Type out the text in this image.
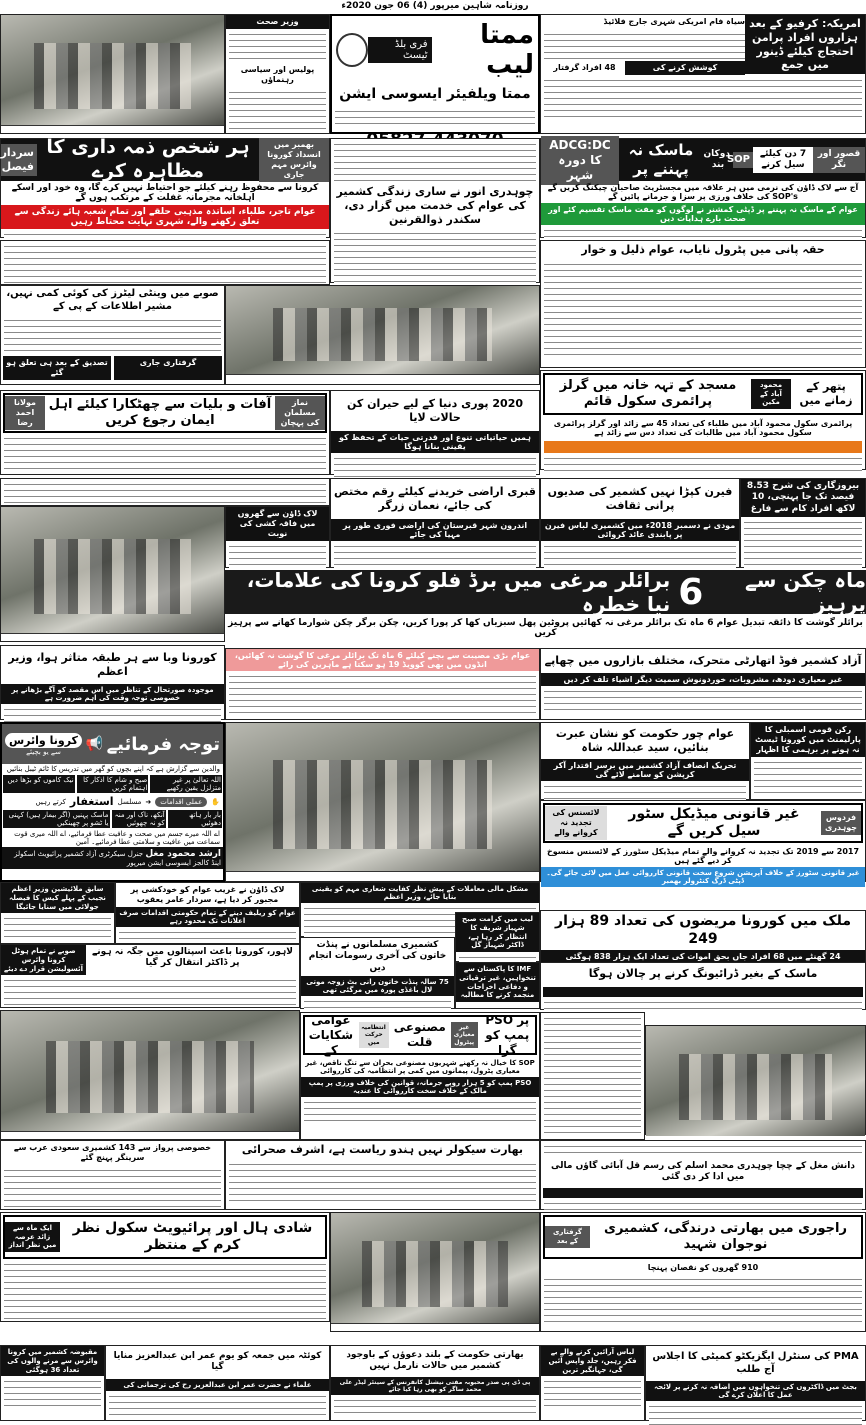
روزنامہ شاہین میرپور (4) 06 جون 2020ء
وزیر صحت
پولیس اور سیاسی رہنماؤں
ممتا لیب
فری بلڈ ٹیسٹ
ممتا ویلفیئر ایسوسی ایشن
امریکہ: کرفیو کے بعد ہزاروں افراد پرامن احتجاج کیلئے ڈینور میں جمع
سیاہ فام امریکی شہری جارج فلائیڈ
کوشش کرنے کی
48 افراد گرفتار
بھمبر میں انسداد کورونا وائرس مہم جاری
ہر شخص ذمہ داری کا مظاہرہ کرے
سردار فیصل
کرونا سے محفوظ رہنے کیلئے جو احتیاط نہیں کرے گا، وہ خود اور اسکے اہلخانہ مجرمانہ غفلت کے مرتکب ہوں گے
عوام تاجر، طلباء، اساتذہ مذہبی حلقے اور تمام شعبہ ہائے زندگی سے تعلق رکھنے والے، شہری نہایت محتاط رہیں
قصور اور نگر
7 دن کیلئے سیل کرنے
SOP
دوکان بند
ماسک نہ پہننے پر
ADCG:DC کا دورہ شہر
آج سے لاک ڈاؤن کی نرمی میں ہر علاقہ میں مجسٹریٹ صاحبان چیکنگ کریں گے SOP's کی خلاف ورزی پر سزا و جرمانے پائیں گے
عوام کے ماسک نہ پہننے پر ڈپٹی کمشنر نے لوگوں کو مفت ماسک تقسیم کئے اور صحت بارے ہدایات دیں
چوہدری انور نے ساری زندگی کشمیر کی عوام کی خدمت میں گزار دی، سکندر ذوالقرنین
صوبے میں وینٹی لیٹرز کی کوئی کمی نہیں، مشیر اطلاعات کے پی کے
گرفتاری جاری
تصدیق کے بعد ہی تعلق ہو گئے
حقہ پانی میں پٹرول نایاب، عوام ذلیل و خوار
پتھر کے زمانے میں
محمود آباد کے مکین
مسجد کے تہہ خانہ میں گرلز پرائمری سکول قائم
پرائمری سکول محمود آباد میں طلباء کی تعداد 45 سے زائد اور گرلز پرائمری سکول محمود آباد میں طالبات کی تعداد دس سے زائد ہے
نماز مسلمان کی پہچان
آفات و بلیات سے چھٹکارا کیلئے اہل ایمان رجوع کریں
مولانا احمد رضا
2020 پوری دنیا کے لیے حیران کن حالات لایا
ہمیں حیاتیاتی تنوع اور قدرتی حیات کے تحفظ کو یقینی بنانا ہوگا
قبری اراضی خریدنے کیلئے رقم مختص کی جائے، نعمان زرگر
اندرون شہر قبرستان کی اراضی فوری طور پر مہیا کی جائے
فیرن کپڑا نہیں کشمیر کی صدیوں پرانی ثقافت
مودی نے دسمبر 2018ء میں کشمیری لباس فیرن پر پابندی عائد کروائی
بیروزگاری کی شرح 8.53 فیصد تک جا پہنچی، 10 لاکھ افراد کام سے فارغ
لاک ڈاؤن سے گھروں میں فاقہ کشی کی نوبت
ماہ چکن سے پرہیز
6
برائلر مرغی میں برڈ فلو کرونا کی علامات، نیا خطرہ
برائلر گوشت کا ذائقہ تبدیل عوام 6 ماہ تک برائلر مرغی نہ کھائیں پروٹین پھل سبزیاں کھا کر پورا کریں، چکن برگر چکن شوارما کھانے سے پرہیز کریں
کورونا وبا سے ہر طبقہ متاثر ہوا، وزیر اعظم
موجودہ صورتحال کے تناظر میں اس مقصد کو آگے بڑھانے پر خصوصی توجہ وقت کی اہم ضرورت ہے
عوام بڑی مصیبت سے بچنے کیلئے 6 ماہ تک برائلر مرغی کا گوشت نہ کھائیں، انڈوں میں بھی کوویڈ 19 ہو سکتا ہے ماہرین کی رائے	آزاد کشمیر فوڈ اتھارٹی متحرک، مختلف بازاروں میں چھاپے
غیر معیاری دودھ، مشروبات، خوردونوش سمیت دیگر اشیاء تلف کر دیں
توجہ فرمائیے
📢
کرونا وائرس
سے یو بچیئے
والدین سے گزارش ہے کہ اپنے بچوں کو گھر میں تدریس کا ٹائم ٹیبل بنائیں
اللہ تعالیٰ پر غیر متزلزل یقین رکھیے
صبح و شام کا اذکار کا اہتمام کریں
نیک کاموں کو بڑھا دیں
✋
عملی اقدامات
➜
مسلسل
استغفار
کرتے رہیں
بار بار ہاتھ دھوئیں
آنکھ، ناک اور منہ کو نہ چھوئیں
ماسک پہنیں (اگر بیمار ہیں) کہنی یا ٹشو پر چھینکیں
اے اللہ میرے جسم میں صحت و عافیت عطا فرمائیے، اے اللہ میری قوت سماعت میں عافیت و سلامتی عطا فرمائیے۔ آمین
ارشد محمود مغل جنرل سیکرٹری آزاد کشمیر پرائیویٹ اسکولز اینڈ کالجز ایسوسی ایشن میرپور
عوام چور حکومت کو نشان عبرت بنائیں، سید عبداللہ شاہ
تحریک انصاف آزاد کشمیر میں برسر اقتدار آکر کرپشن کو سامنے لائے گی
رکن قومی اسمبلی کا پارلیمنٹ میں کورونا ٹیسٹ نہ ہونے پر برہمی کا اظہار
فردوس چوہدری
غیر قانونی میڈیکل سٹور سیل کریں گے
لائسنس کی تجدید نہ کروانے والے
2017 سے 2019 تک تجدید نہ کروانے والے تمام میڈیکل سٹورز کے لائسنس منسوخ کر دیے گئے ہیں
غیر قانونی سٹورز کے خلاف آپریشن شروع سخت قانونی کارروائی عمل میں لائی جائے گی۔ ڈپٹی ڈرگ کنٹرولر بھمبر
سابق ملائیشین وزیر اعظم نجیب کے پہلے کیس کا فیصلہ جولائی میں سنایا جائیگا
لاک ڈاؤن نے غریب عوام کو خودکشی پر مجبور کر دیا ہے، سردار عامر یعقوب
عوام کو ریلیف دینے کے تمام حکومتی اقدامات صرف اعلانات تک محدود رہے
لاہور، کورونا باعث اسپتالوں میں جگہ نہ ہونے پر ڈاکٹر انتقال کر گیا
صوبے نے تمام ہوٹل کرونا وائرس آئسولیشن قرار دے دیئے
مشکل مالی معاملات کے پیش نظر کفایت شعاری مہم کو یقینی بنایا جائے، وزیر اعظم
کشمیری مسلمانوں نے پنڈت خاتون کی آخری رسومات انجام دیں
75 سالہ پنڈت خاتون رانی بٹ زوجہ موتی لال باغڈی پورہ میں مرگئی تھی
لیب میں کرامت صبح شہباز شریف کا انتظار کر رہا ہے، ڈاکٹر شہباز گل
IMF کا پاکستان سے تنخواہیں، غیر ترقیاتی و دفاعی اخراجات منجمد کرنے کا مطالبہ
ملک میں کورونا مریضوں کی تعداد 89 ہزار 249
24 گھنٹے میں 68 افراد جاں بحق اموات کی تعداد ایک ہزار 838 ہوگئی
ماسک کے بغیر ڈرائیونگ کرنے پر چالان ہوگا
پر PSO پمپ کو گرا
غیر معیاری پیٹرول
مصنوعی قلت
انتظامیہ حرکت میں
عوامی شکایات کے
SOP کا خیال نہ رکھنے شہریوں مصنوعی بحران سے تنگ ناقص، غیر معیاری پٹرول، پیمانوں میں کمی پر انتظامیہ کی کارروائی
PSO پمپ کو 5 ہزار روپے جرمانہ، قوانین کی خلاف ورزی پر پمپ مالک کے خلاف سخت کارروائی کا عندیہ
خصوصی پرواز سے 143 کشمیری سعودی عرب سے سرینگر پہنچ گئے
بھارت سیکولر نہیں ہندو ریاست ہے، اشرف صحرائی
دانش مغل کے چچا چوہدری محمد اسلم کی رسم قل آبائی گاؤں مالی میں ادا کر دی گئی
شادی ہال اور پرائیویٹ سکول نظر کرم کے منتظر
ایک ماہ سے زائد عرصہ میں نظر انداز
راجوری میں بھارتی درندگی، کشمیری نوجوان شہید
گرفتاری کے بعد
910 گھروں کو نقصان پہنچا
مقبوضہ کشمیر میں کرونا وائرس سے مرنے والوں کی تعداد 36 ہوگئی
کوئٹہ میں جمعہ کو یوم عمر ابن عبدالعزیز منایا گیا
علماء نے حضرت عمر ابن عبدالعزیز رح کی ترجمانی کی
بھارتی حکومت کے بلند دعوؤں کے باوجود کشمیر میں حالات نارمل نہیں
پی ڈی پی صدر محبوبہ مفتی نیشنل کانفرنس کے سینئر لیڈر علی محمد ساگر کو بھی رہا کیا جائے
لباس آرائیں کرنے والے بے فکر رہیں، جلد واپس آئیں گی، جہانگیر ترین
PMA کی سنٹرل ایگزیکٹو کمیٹی کا اجلاس آج طلب
بجٹ میں ڈاکٹروں کی تنخواہوں میں اضافہ نہ کرنے پر لائحہ عمل کا اعلان کرے گی
